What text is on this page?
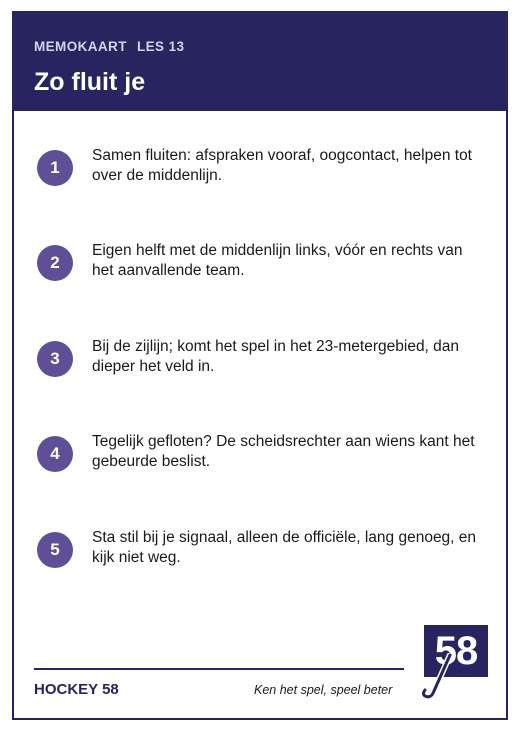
MEMOKAART LES 13
Zo fluit je
1
Samen fluiten: afspraken vooraf, oogcontact, helpen tot over de middenlijn.
2
Eigen helft met de middenlijn links, vóór en rechts van het aanvallende team.
3
Bij de zijlijn; komt het spel in het 23-metergebied, dan dieper het veld in.
4
Tegelijk gefloten? De scheidsrechter aan wiens kant het gebeurde beslist.
5
Sta stil bij je signaal, alleen de officiële, lang genoeg, en kijk niet weg.
HOCKEY 58	Ken het spel, speel beter
58
